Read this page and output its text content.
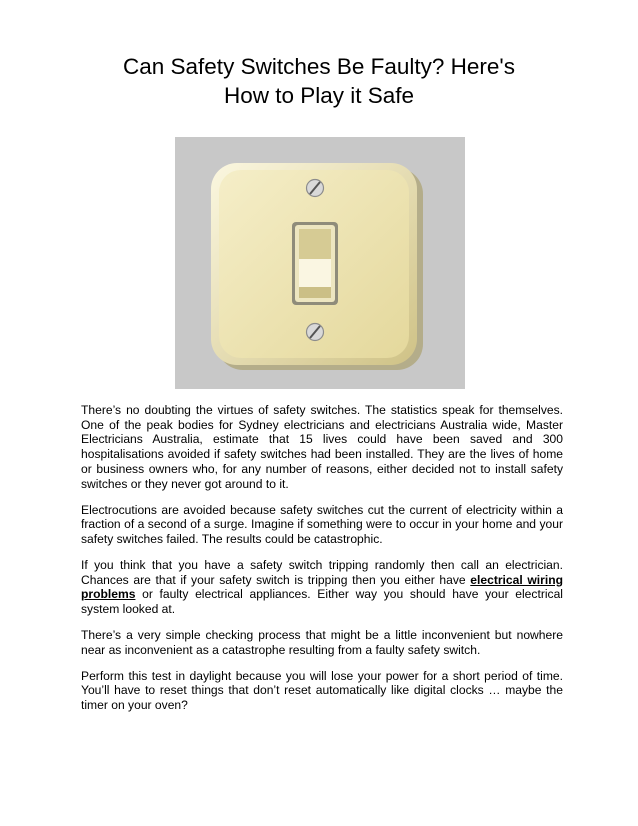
Can Safety Switches Be Faulty? Here's
How to Play it Safe

There’s no doubting the virtues of safety switches. The statistics speak for themselves. One of the peak bodies for Sydney electricians and electricians Australia wide, Master Electricians Australia, estimate that 15 lives could have been saved and 300 hospitalisations avoided if safety switches had been installed. They are the lives of home or business owners who, for any number of reasons, either decided not to install safety switches or they never got around to it.

Electrocutions are avoided because safety switches cut the current of electricity within a fraction of a second of a surge. Imagine if something were to occur in your home and your safety switches failed. The results could be catastrophic.

If you think that you have a safety switch tripping randomly then call an electrician. Chances are that if your safety switch is tripping then you either have electrical wiring problems or faulty electrical appliances. Either way you should have your electrical system looked at.

There’s a very simple checking process that might be a little inconvenient but nowhere near as inconvenient as a catastrophe resulting from a faulty safety switch.

Perform this test in daylight because you will lose your power for a short period of time. You’ll have to reset things that don’t reset automatically like digital clocks … maybe the timer on your oven?
